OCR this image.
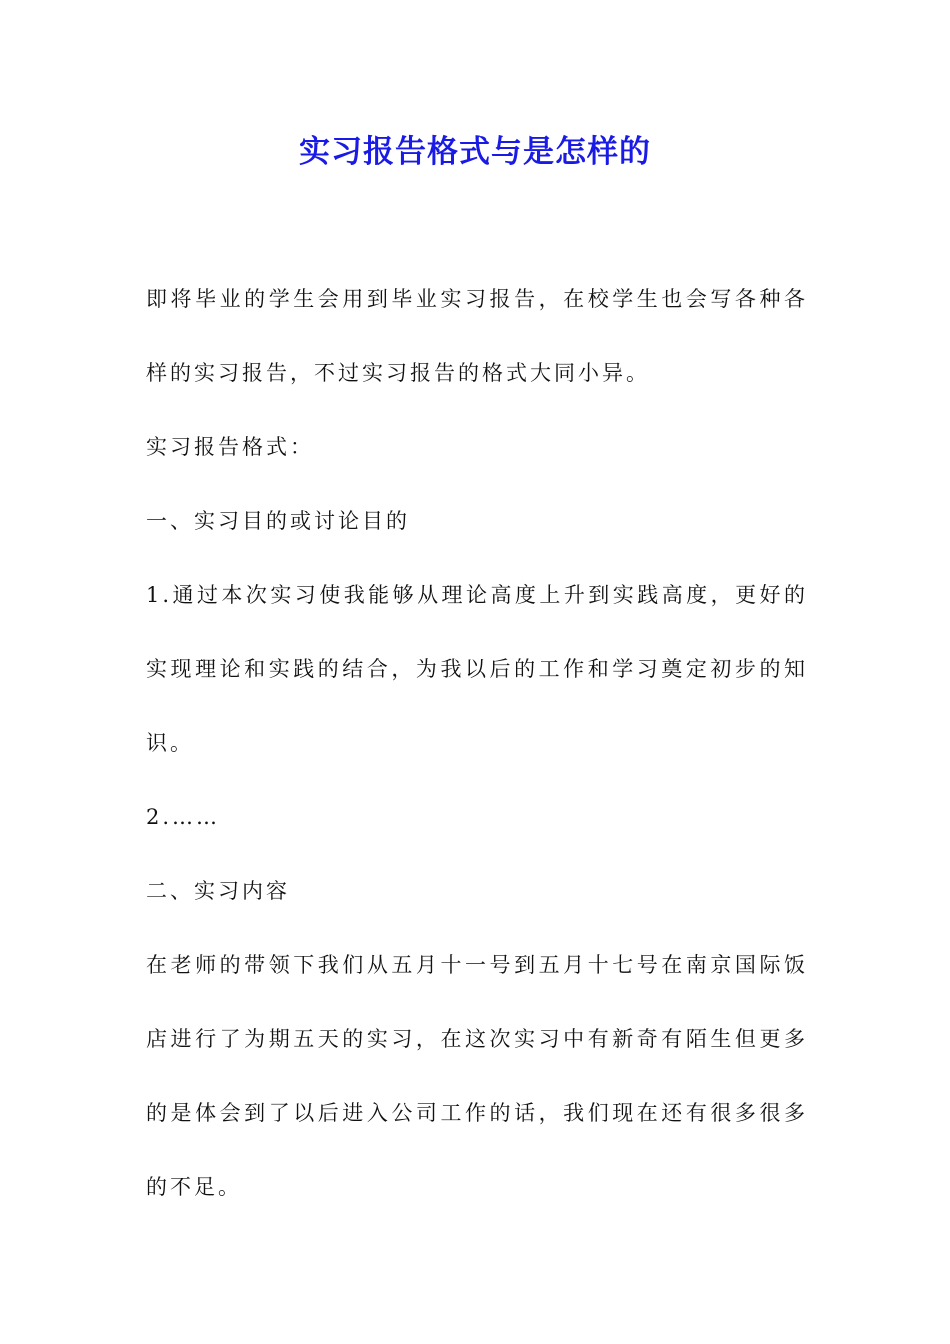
实习报告格式与是怎样的

即将毕业的学生会用到毕业实习报告，在校学生也会写各种各样的实习报告，不过实习报告的格式大同小异。

实习报告格式：

一、实习目的或讨论目的

1.通过本次实习使我能够从理论高度上升到实践高度，更好的实现理论和实践的结合，为我以后的工作和学习奠定初步的知识。

2.……

二、实习内容

在老师的带领下我们从五月十一号到五月十七号在南京国际饭店进行了为期五天的实习，在这次实习中有新奇有陌生但更多的是体会到了以后进入公司工作的话，我们现在还有很多很多的不足。
